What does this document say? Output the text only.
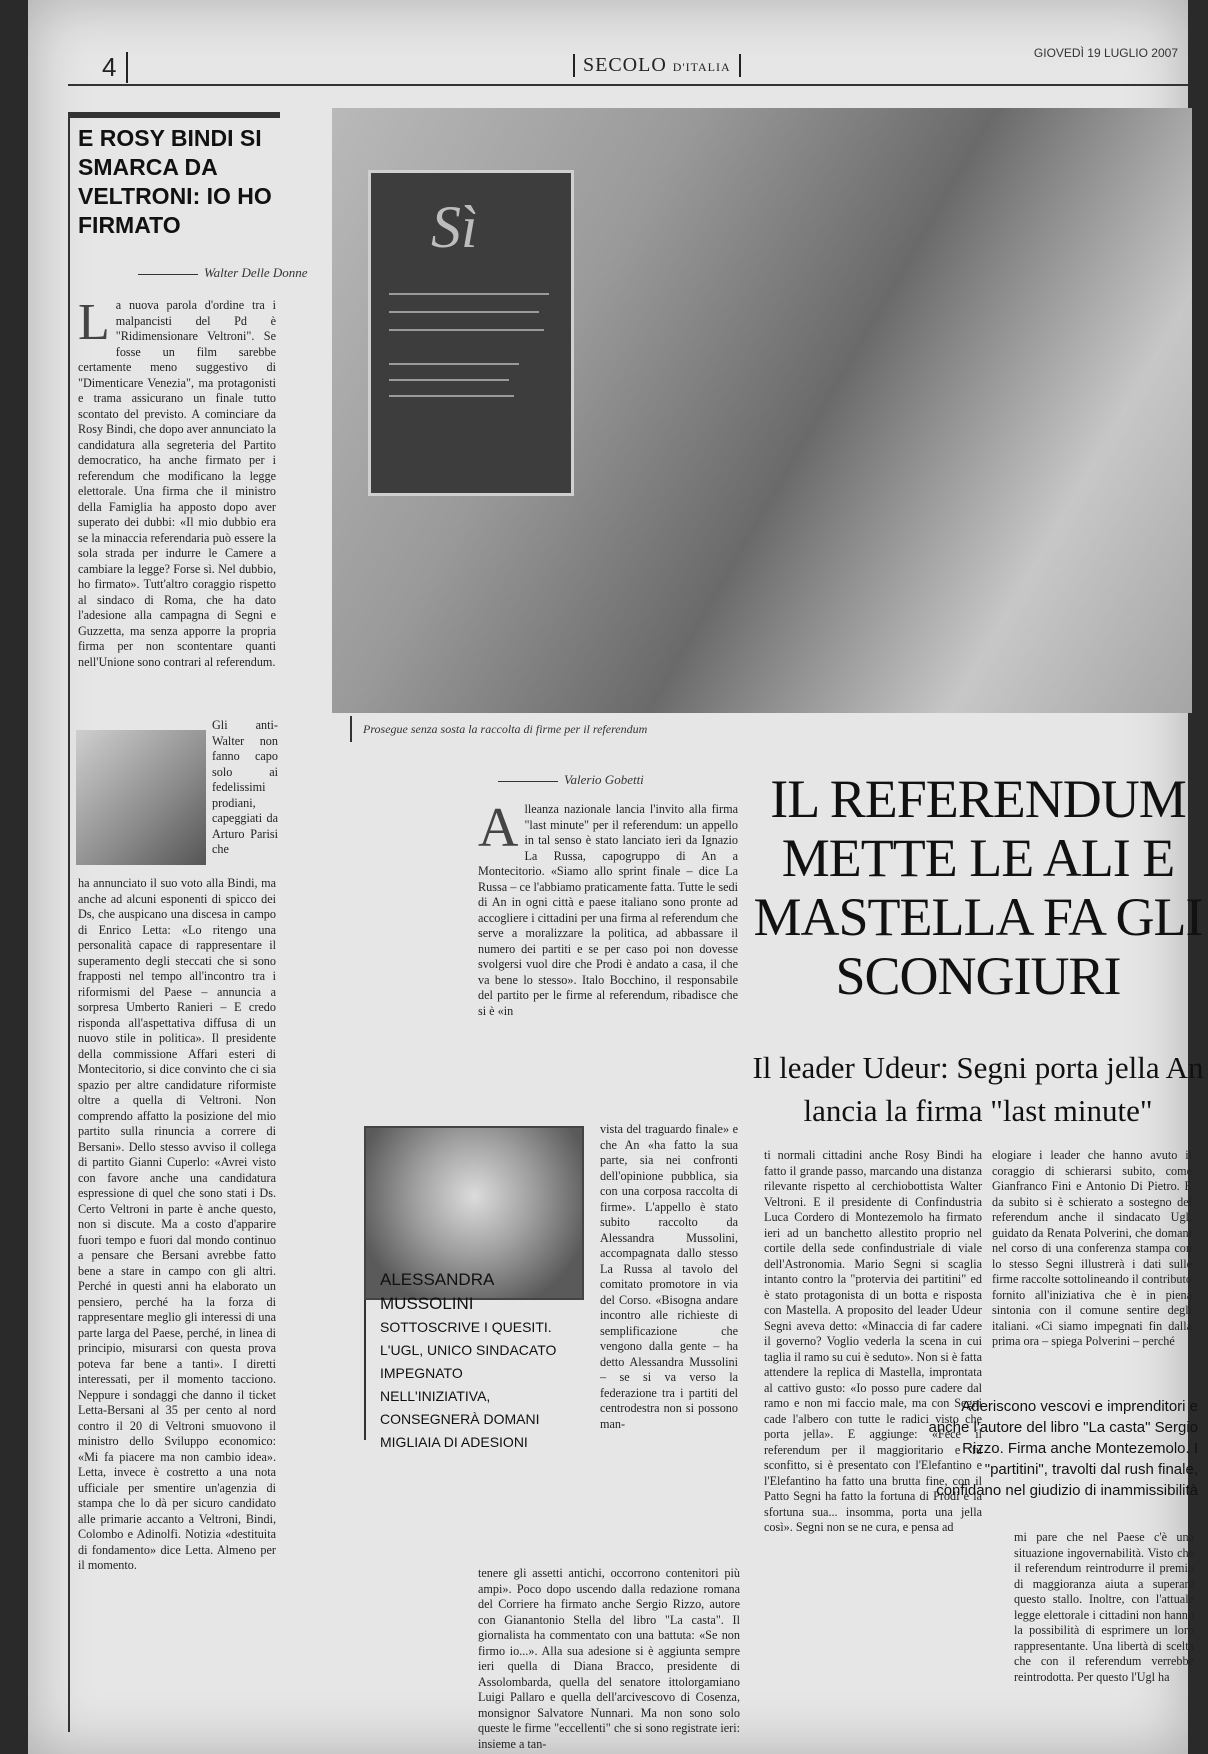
4	SECOLO D'ITALIA
GIOVEDÌ 19 LUGLIO 2007
E ROSY BINDI SI SMARCA DA VELTRONI: IO HO FIRMATO
Walter Delle Donne
La nuova parola d'ordine tra i malpancisti del Pd è "Ridimensionare Veltroni". Se fosse un film sarebbe certamente meno suggestivo di "Dimenticare Venezia", ma protagonisti e trama assicurano un finale tutto scontato del previsto. A cominciare da Rosy Bindi, che dopo aver annunciato la candidatura alla segreteria del Partito democratico, ha anche firmato per i referendum che modificano la legge elettorale. Una firma che il ministro della Famiglia ha apposto dopo aver superato dei dubbi: «Il mio dubbio era se la minaccia referendaria può essere la sola strada per indurre le Camere a cambiare la legge? Forse sì. Nel dubbio, ho firmato». Tutt'altro coraggio rispetto al sindaco di Roma, che ha dato l'adesione alla campagna di Segni e Guzzetta, ma senza apporre la propria firma per non scontentare quanti nell'Unione sono contrari al referendum.
Gli anti-Walter non fanno capo solo ai fedelissimi prodiani, capeggiati da Arturo Parisi che
ha annunciato il suo voto alla Bindi, ma anche ad alcuni esponenti di spicco dei Ds, che auspicano una discesa in campo di Enrico Letta: «Lo ritengo una personalità capace di rappresentare il superamento degli steccati che si sono frapposti nel tempo all'incontro tra i riformismi del Paese – annuncia a sorpresa Umberto Ranieri – E credo risponda all'aspettativa diffusa di un nuovo stile in politica». Il presidente della commissione Affari esteri di Montecitorio, si dice convinto che ci sia spazio per altre candidature riformiste oltre a quella di Veltroni. Non comprendo affatto la posizione del mio partito sulla rinuncia a correre di Bersani». Dello stesso avviso il collega di partito Gianni Cuperlo: «Avrei visto con favore anche una candidatura espressione di quel che sono stati i Ds. Certo Veltroni in parte è anche questo, non si discute. Ma a costo d'apparire fuori tempo e fuori dal mondo continuo a pensare che Bersani avrebbe fatto bene a stare in campo con gli altri. Perché in questi anni ha elaborato un pensiero, perché ha la forza di rappresentare meglio gli interessi di una parte larga del Paese, perché, in linea di principio, misurarsi con questa prova poteva far bene a tanti». I diretti interessati, per il momento tacciono. Neppure i sondaggi che danno il ticket Letta-Bersani al 35 per cento al nord contro il 20 di Veltroni smuovono il ministro dello Sviluppo economico: «Mi fa piacere ma non cambio idea». Letta, invece è costretto a una nota ufficiale per smentire un'agenzia di stampa che lo dà per sicuro candidato alle primarie accanto a Veltroni, Bindi, Colombo e Adinolfi. Notizia «destituita di fondamento» dice Letta. Almeno per il momento.
Sì
Prosegue senza sosta la raccolta di firme per il referendum
Valerio Gobetti
Alleanza nazionale lancia l'invito alla firma "last minute" per il referendum: un appello in tal senso è stato lanciato ieri da Ignazio La Russa, capogruppo di An a Montecitorio. «Siamo allo sprint finale – dice La Russa – ce l'abbiamo praticamente fatta. Tutte le sedi di An in ogni città e paese italiano sono pronte ad accogliere i cittadini per una firma al referendum che serve a moralizzare la politica, ad abbassare il numero dei partiti e se per caso poi non dovesse svolgersi vuol dire che Prodi è andato a casa, il che va bene lo stesso». Italo Bocchino, il responsabile del partito per le firme al referendum, ribadisce che si è «in
ALESSANDRA MUSSOLINI SOTTOSCRIVE I QUESITI. L'UGL, UNICO SINDACATO IMPEGNATO NELL'INIZIATIVA, CONSEGNERÀ DOMANI MIGLIAIA DI ADESIONI
vista del traguardo finale» e che An «ha fatto la sua parte, sia nei confronti dell'opinione pubblica, sia con una corposa raccolta di firme». L'appello è stato subito raccolto da Alessandra Mussolini, accompagnata dallo stesso La Russa al tavolo del comitato promotore in via del Corso. «Bisogna andare incontro alle richieste di semplificazione che vengono dalla gente – ha detto Alessandra Mussolini – se si va verso la federazione tra i partiti del centrodestra non si possono man-
tenere gli assetti antichi, occorrono contenitori più ampi». Poco dopo uscendo dalla redazione romana del Corriere ha firmato anche Sergio Rizzo, autore con Gianantonio Stella del libro "La casta". Il giornalista ha commentato con una battuta: «Se non firmo io...». Alla sua adesione si è aggiunta sempre ieri quella di Diana Bracco, presidente di Assolombarda, quella del senatore ittolorgamiano Luigi Pallaro e quella dell'arcivescovo di Cosenza, monsignor Salvatore Nunnari. Ma non sono solo queste le firme "eccellenti" che si sono registrate ieri: insieme a tan-
IL REFERENDUM METTE LE ALI E MASTELLA FA GLI SCONGIURI
Il leader Udeur: Segni porta jella An lancia la firma "last minute"
ti normali cittadini anche Rosy Bindi ha fatto il grande passo, marcando una distanza rilevante rispetto al cerchiobottista Walter Veltroni. E il presidente di Confindustria Luca Cordero di Montezemolo ha firmato ieri ad un banchetto allestito proprio nel cortile della sede confindustriale di viale dell'Astronomia. Mario Segni si scaglia intanto contro la "protervia dei partitini" ed è stato protagonista di un botta e risposta con Mastella. A proposito del leader Udeur Segni aveva detto: «Minaccia di far cadere il governo? Voglio vederla la scena in cui taglia il ramo su cui è seduto». Non si è fatta attendere la replica di Mastella, improntata al cattivo gusto: «Io posso pure cadere dal ramo e non mi faccio male, ma con Segni cade l'albero con tutte le radici visto che porta jella». E aggiunge: «Fece il referendum per il maggioritario e fu sconfitto, si è presentato con l'Elefantino e l'Elefantino ha fatto una brutta fine, con il Patto Segni ha fatto la fortuna di Prodi e la sfortuna sua... insomma, porta una jella così». Segni non se ne cura, e pensa ad
elogiare i leader che hanno avuto il coraggio di schierarsi subito, come Gianfranco Fini e Antonio Di Pietro. E da subito si è schierato a sostegno del referendum anche il sindacato Ugl, guidato da Renata Polverini, che domani nel corso di una conferenza stampa con lo stesso Segni illustrerà i dati sulle firme raccolte sottolineando il contributo fornito all'iniziativa che è in piena sintonia con il comune sentire degli italiani. «Ci siamo impegnati fin dalla prima ora – spiega Polverini – perché
Aderiscono vescovi e imprenditori e anche l'autore del libro "La casta" Sergio Rizzo. Firma anche Montezemolo. I "partitini", travolti dal rush finale, confidano nel giudizio di inammissibilità
mi pare che nel Paese c'è una situazione ingovernabilità. Visto che il referendum reintrodurre il premio di maggioranza aiuta a superare questo stallo. Inoltre, con l'attuale legge elettorale i cittadini non hanno la possibilità di esprimere un loro rappresentante. Una libertà di scelta che con il referendum verrebbe reintrodotta. Per questo l'Ugl ha
